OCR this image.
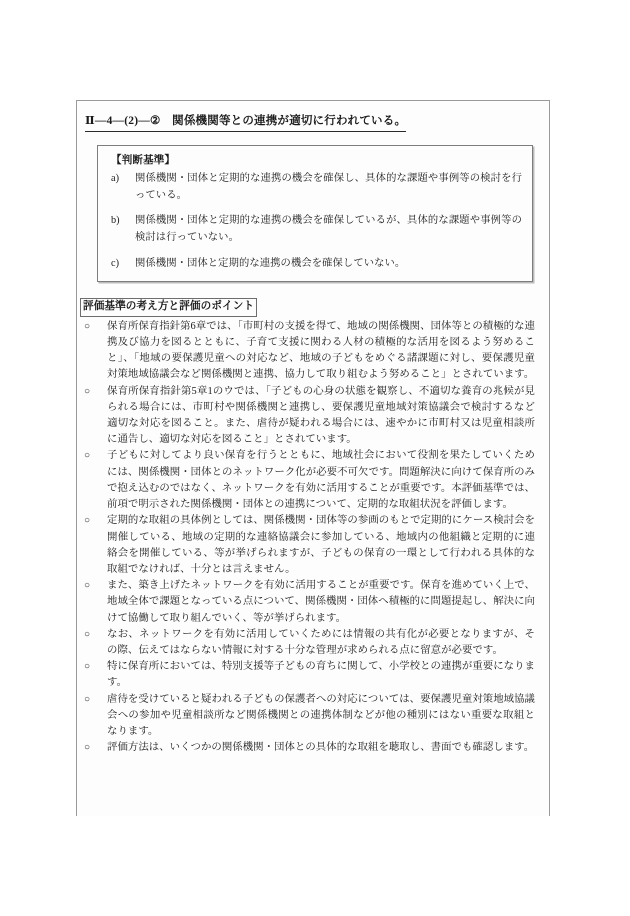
Ⅱ―4―(2)―②　関係機関等との連携が適切に行われている。
【判断基準】
a)	関係機関・団体と定期的な連携の機会を確保し、具体的な課題や事例等の検討を行っている。
b)	関係機関・団体と定期的な連携の機会を確保しているが、具体的な課題や事例等の検討は行っていない。
c)	関係機関・団体と定期的な連携の機会を確保していない。
評価基準の考え方と評価のポイント
○	保育所保育指針第6章では、「市町村の支援を得て、地域の関係機関、団体等との積極的な連携及び協力を図るとともに、子育て支援に関わる人材の積極的な活用を図るよう努めること」、「地域の要保護児童への対応など、地域の子どもをめぐる諸課題に対し、要保護児童対策地域協議会など関係機関と連携、協力して取り組むよう努めること」とされています。
○	保育所保育指針第5章1のウでは、「子どもの心身の状態を観察し、不適切な養育の兆候が見られる場合には、市町村や関係機関と連携し、要保護児童地域対策協議会で検討するなど適切な対応を図ること。また、虐待が疑われる場合には、速やかに市町村又は児童相談所に通告し、適切な対応を図ること」とされています。
○	子どもに対してより良い保育を行うとともに、地域社会において役割を果たしていくためには、関係機関・団体とのネットワーク化が必要不可欠です。問題解決に向けて保育所のみで抱え込むのではなく、ネットワークを有効に活用することが重要です。本評価基準では、前項で明示された関係機関・団体との連携について、定期的な取組状況を評価します。
○	定期的な取組の具体例としては、関係機関・団体等の参画のもとで定期的にケース検討会を開催している、地域の定期的な連絡協議会に参加している、地域内の他組織と定期的に連絡会を開催している、等が挙げられますが、子どもの保育の一環として行われる具体的な取組でなければ、十分とは言えません。
○	また、築き上げたネットワークを有効に活用することが重要です。保育を進めていく上で、地域全体で課題となっている点について、関係機関・団体へ積極的に問題提起し、解決に向けて協働して取り組んでいく、等が挙げられます。
○	なお、ネットワークを有効に活用していくためには情報の共有化が必要となりますが、その際、伝えてはならない情報に対する十分な管理が求められる点に留意が必要です。
○	特に保育所においては、特別支援等子どもの育ちに関して、小学校との連携が重要になります。
○	虐待を受けていると疑われる子どもの保護者への対応については、要保護児童対策地域協議会への参加や児童相談所など関係機関との連携体制などが他の種別にはない重要な取組となります。
○	評価方法は、いくつかの関係機関・団体との具体的な取組を聴取し、書面でも確認します。
